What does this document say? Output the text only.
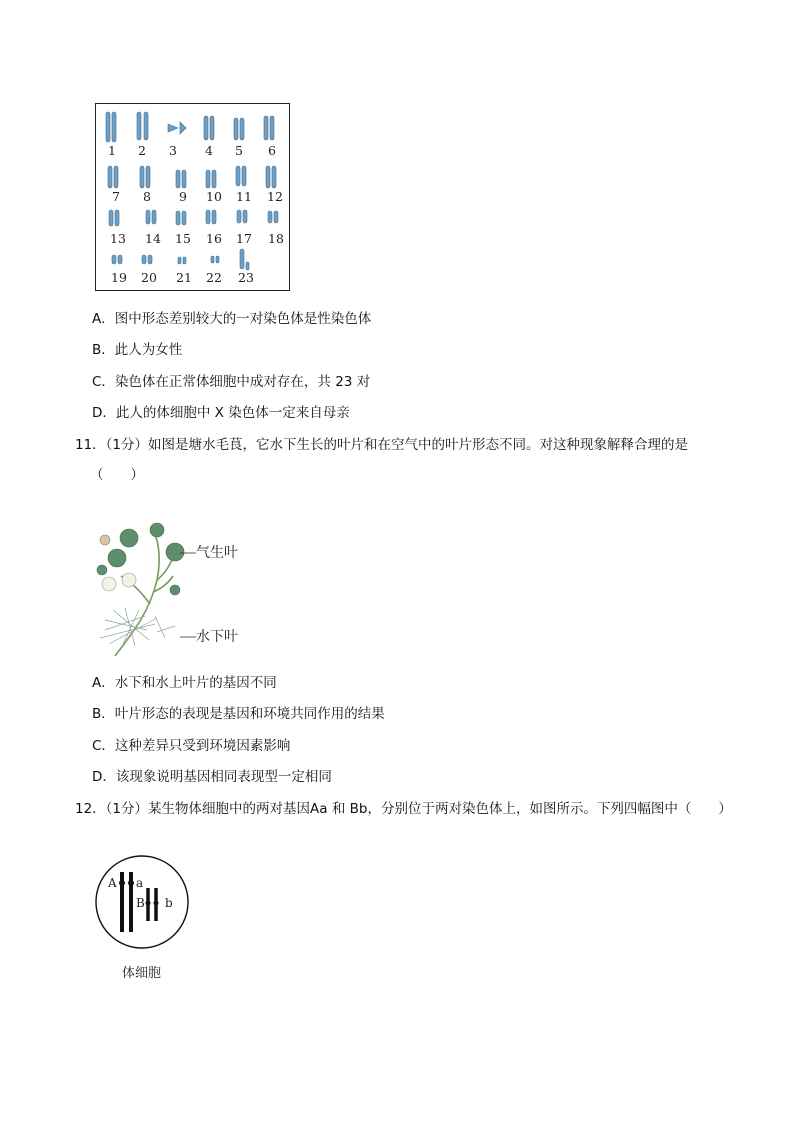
1	2	3	4	5	6
7	8	9	10	11	12
13	14	15	16	17	18
19	20	21	22	23
A．图中形态差别较大的一对染色体是性染色体
B．此人为女性
C．染色体在正常体细胞中成对存在，共 23 对
D．此人的体细胞中 X 染色体一定来自母亲
11．（1分）如图是塘水毛茛，它水下生长的叶片和在空气中的叶片形态不同。对这种现象解释合理的是
（　　）
气生叶
水下叶
A．水下和水上叶片的基因不同
B．叶片形态的表现是基因和环境共同作用的结果
C．这种差异只受到环境因素影响
D．该现象说明基因相同表现型一定相同
12．（1分）某生物体细胞中的两对基因Aa 和 Bb，分别位于两对染色体上，如图所示。下列四幅图中（　　）
A a
B b
体细胞
